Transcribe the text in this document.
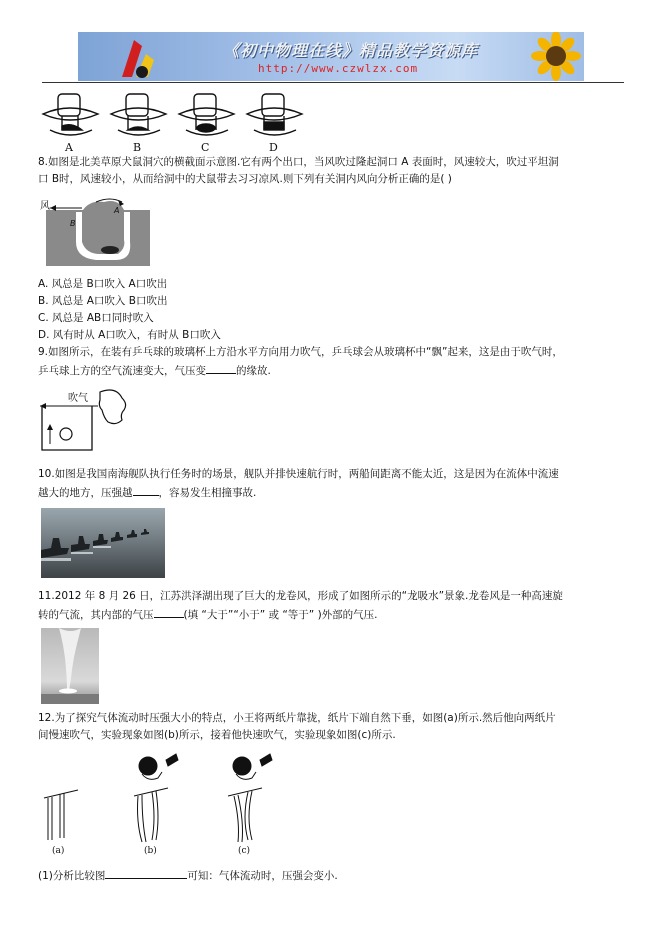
《初中物理在线》精品教学资源库
http://www.czwlzx.com
A	B	C	D
8.如图是北美草原犬鼠洞穴的横截面示意图.它有两个出口，当风吹过隆起洞口 A 表面时，风速较大，吹过平坦洞
口 B时，风速较小，从而给洞中的犬鼠带去习习凉风.则下列有关洞内风向分析正确的是( )
风	A
B
A. 风总是 B口吹入 A口吹出
B. 风总是 A口吹入 B口吹出
C. 风总是 AB口同时吹入
D. 风有时从 A口吹入，有时从 B口吹入
9.如图所示，在装有乒乓球的玻璃杯上方沿水平方向用力吹气，乒乓球会从玻璃杯中“飘”起来，这是由于吹气时，
乒乓球上方的空气流速变大，气压变	的缘故.
吹气
10.如图是我国南海舰队执行任务时的场景，舰队并排快速航行时，两船间距离不能太近，这是因为在流体中流速
越大的地方，压强越 ，容易发生相撞事故.
11.2012 年 8 月 26 日，江苏洪泽湖出现了巨大的龙卷风，形成了如图所示的“龙吸水”景象.龙卷风是一种高速旋
转的气流，其内部的气压	(填 “大于”“小于” 或 “等于” )外部的气压.
12.为了探究气体流动时压强大小的特点，小王将两纸片靠拢，纸片下端自然下垂，如图(a)所示.然后他向两纸片
间慢速吹气，实验现象如图(b)所示，接着他快速吹气，实验现象如图(c)所示.
(a)	(b)	(c)
(1)分析比较图	可知：气体流动时，压强会变小.
